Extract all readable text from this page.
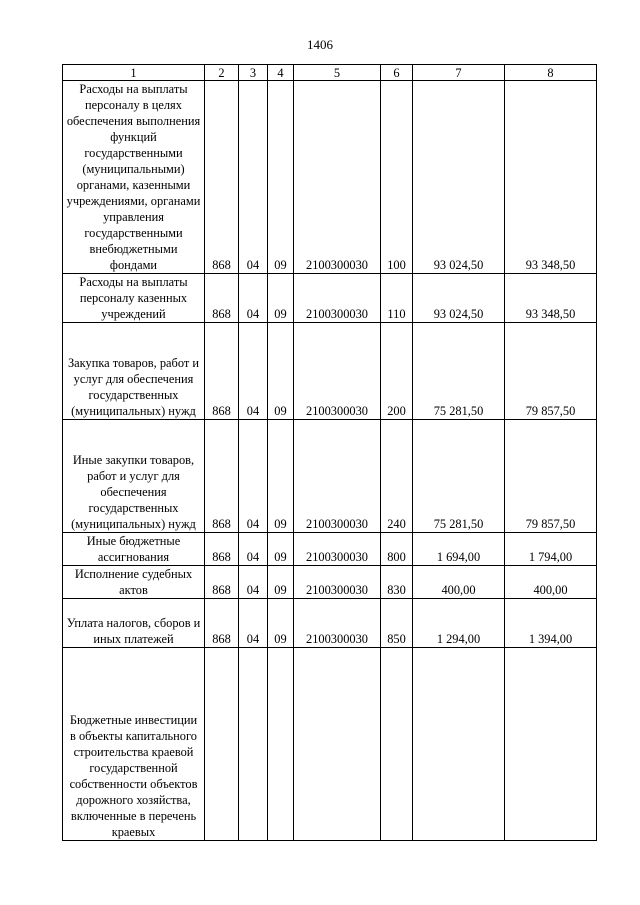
1406
1	2	3	4	5	6	7	8
Расходы на выплаты персоналу в целях обеспечения выполнения функций государственными (муниципальными) органами, казенными учреждениями, органами управления государственными внебюджетными фондами	868	04	09	2100300030	100	93 024,50	93 348,50
Расходы на выплаты персоналу казенных учреждений	868	04	09	2100300030	110	93 024,50	93 348,50
Закупка товаров, работ и услуг для обеспечения государственных (муниципальных) нужд	868	04	09	2100300030	200	75 281,50	79 857,50
Иные закупки товаров, работ и услуг для обеспечения государственных (муниципальных) нужд	868	04	09	2100300030	240	75 281,50	79 857,50
Иные бюджетные ассигнования	868	04	09	2100300030	800	1 694,00	1 794,00
Исполнение судебных актов	868	04	09	2100300030	830	400,00	400,00
Уплата налогов, сборов и иных платежей	868	04	09	2100300030	850	1 294,00	1 394,00
Бюджетные инвестиции в объекты капитального строительства краевой государственной собственности объектов дорожного хозяйства, включенные в перечень краевых							
